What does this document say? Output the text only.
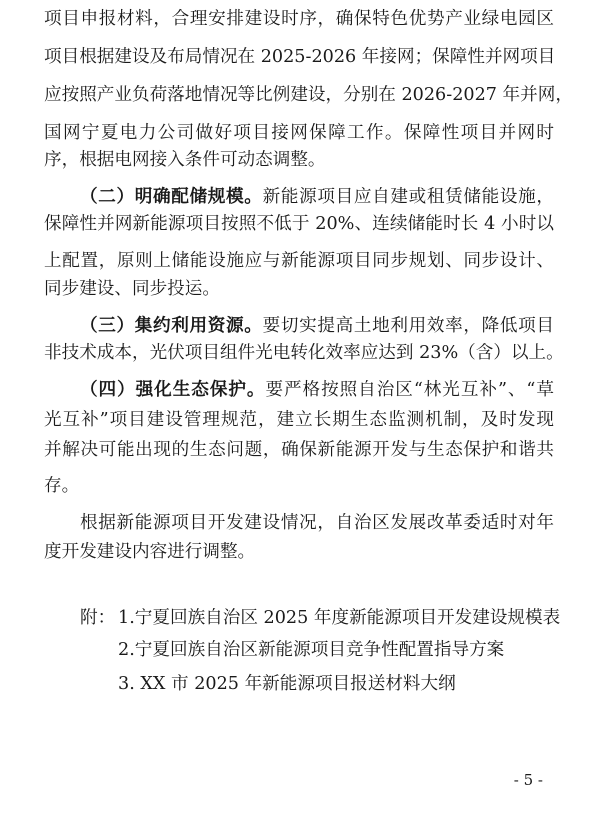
项目申报材料，合理安排建设时序，确保特色优势产业绿电园区
项目根据建设及布局情况在 2025-2026 年接网；保障性并网项目
应按照产业负荷落地情况等比例建设，分别在 2026-2027 年并网，
国网宁夏电力公司做好项目接网保障工作。保障性项目并网时
序，根据电网接入条件可动态调整。
（二）明确配储规模。新能源项目应自建或租赁储能设施，
保障性并网新能源项目按照不低于 20%、连续储能时长 4 小时以
上配置，原则上储能设施应与新能源项目同步规划、同步设计、
同步建设、同步投运。
（三）集约利用资源。要切实提高土地利用效率，降低项目
非技术成本，光伏项目组件光电转化效率应达到 23%（含）以上。
（四）强化生态保护。要严格按照自治区“林光互补”、“草
光互补”项目建设管理规范，建立长期生态监测机制，及时发现
并解决可能出现的生态问题，确保新能源开发与生态保护和谐共
存。
根据新能源项目开发建设情况，自治区发展改革委适时对年
度开发建设内容进行调整。
附： 1.宁夏回族自治区 2025 年度新能源项目开发建设规模表
2.宁夏回族自治区新能源项目竞争性配置指导方案
3. XX 市 2025 年新能源项目报送材料大纲
- 5 -
